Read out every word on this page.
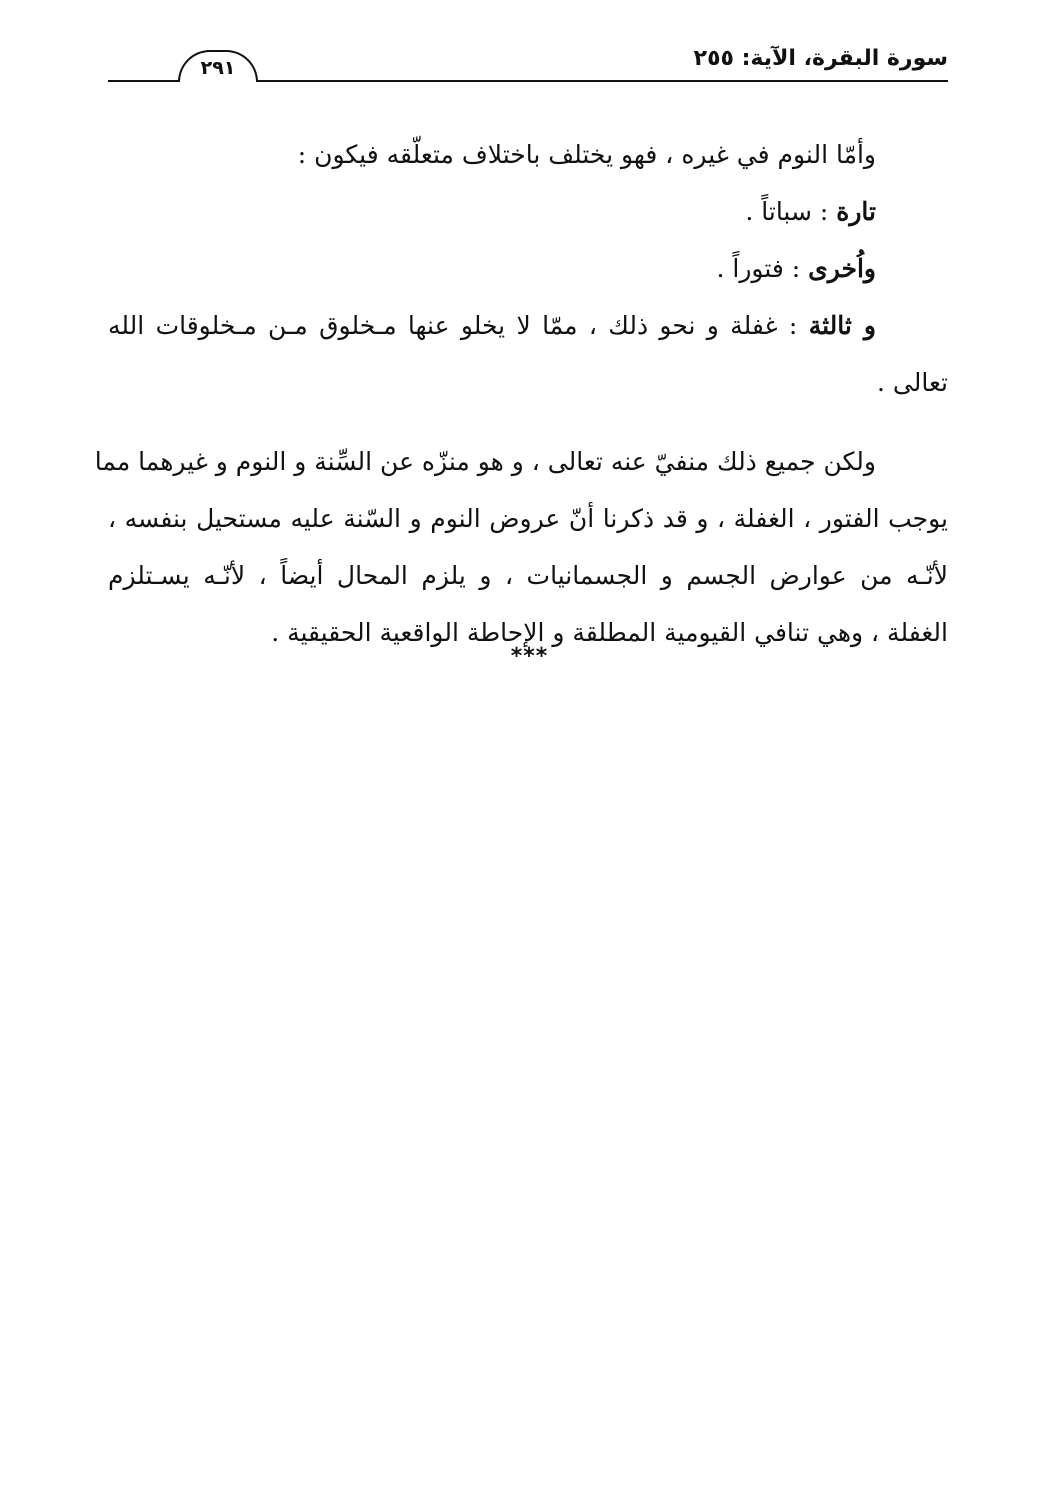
سورة البقرة، الآية: ٢٥٥
٢٩١
وأمّا النوم في غيره ، فهو يختلف باختلاف متعلّقه فيكون :
تارة : سباتاً .
واُخرى : فتوراً .
و ثالثة : غفلة و نحو ذلك ، ممّا لا يخلو عنها مـخلوق مـن مـخلوقات الله
تعالى .
ولكن جميع ذلك منفيّ عنه تعالى ، و هو منزّه عن السِّنة و النوم و غيرهما مما
يوجب الفتور ، الغفلة ، و قد ذكرنا أنّ عروض النوم و السّنة عليه مستحيل بنفسه ،
لأنّـه من عوارض الجسم و الجسمانيات ، و يلزم المحال أيضاً ، لأنّـه يسـتلزم
الغفلة ، وهي تنافي القيومية المطلقة و الإحاطة الواقعية الحقيقية .
***
